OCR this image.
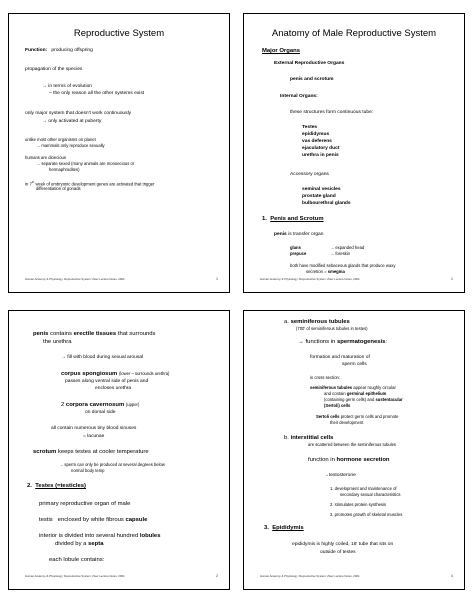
Reproductive System
Function: producing offspring
propagation of the species
→ in terms of evolution
– the only reason all the other systems exist
only major system that doesn't work continuously
→ only activated at puberty
unlike most other organisms on planet
→ mammals only reproduce sexually
humans are dioecious
→ separate sexed (many animals are monoecious or
hermaphrodites)
in 7th week of embryonic development genes are activated that trigger
differentiation of gonads
Human Anatomy & Physiology: Reproductive System; Ziser Lecture Notes, 2004	1
Anatomy of Male Reproductive System
Major Organs
External Reproductive Organs
penis and scrotum
Internal Organs:
these structures form continuous tube:
Testes
epididymus
vas deferens
ejaculatory duct
urethra in penis
Accessory organs
seminal vesicles
prostate gland
bulbourethral glands
1. Penis and Scrotum
penis is transfer organ
glans	→ expanded head
prepuce	→ foreskin
both have modified sebaceous glands that produce waxy
secretion = smegma
Human Anatomy & Physiology: Reproductive System; Ziser Lecture Notes, 2004	1
penis contains erectile tissues that surrounds
the urethra
→ fill with blood during sexual arousal
corpus spongiosum (lower – surrounds urethra)
passes along ventral side of penis and
encloses urethra
2 corpora cavernosum (upper)
on dorsal side
all contain numerous tiny blood sinuses
= lacunae
scrotum keeps testes at cooler temperature
→ sperm can only be produced at several degrees below
normal body temp
2. Testes (=testicles)
primary reproductive organ of male
testis enclosed by white fibrous capsule
interior is divided into several hundred lobules
divided by a septa
each lobule contains:
Human Anatomy & Physiology: Reproductive System; Ziser Lecture Notes, 2004	2
a. seminiferous tubules
(700' of seminiferous tubules in testes)
→ functions in spermatogenesis:
formation and maturation of
sperm cells
in cross section:
seminiferous tubules appear roughly circular
and contain germinal epithelium
(containing germ cells) and sustentacular
(Sertoli) cells
Sertoli cells protect germ cells and promote
their development
b. interstitial cells
are scattered between the seminiferous tubules
function in hormone secretion
→testosterone
1. development and maintenance of
secondary sexual characteristics
2. stimulates protein synthesis
3. promotes growth of skeletal muscles
3. Epididymis
epididymis is highly coiled, 18' tube that sits on
outside of testes
Human Anatomy & Physiology: Reproductive System; Ziser Lecture Notes, 2004	4
